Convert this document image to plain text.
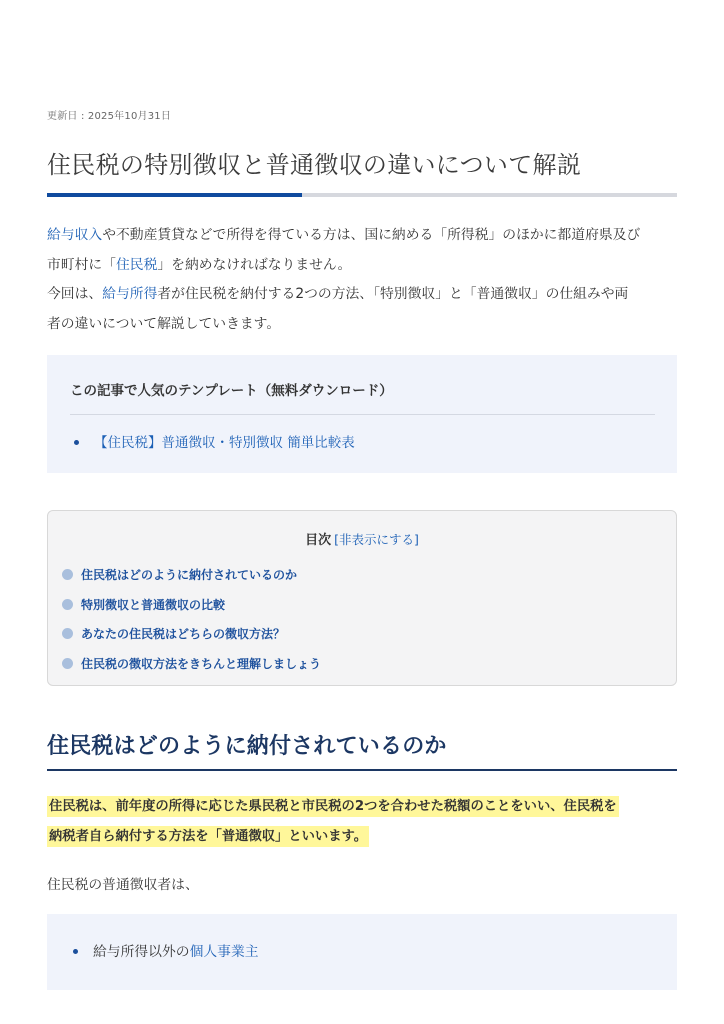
更新日 : 2025年10月31日
住民税の特別徴収と普通徴収の違いについて解説

給与収入や不動産賃貸などで所得を得ている方は、国に納める「所得税」のほかに都道府県及び

市町村に「住民税」を納めなければなりません。

今回は、給与所得者が住民税を納付する2つの方法、「特別徴収」と「普通徴収」の仕組みや両

者の違いについて解説していきます。

この記事で人気のテンプレート（無料ダウンロード）

【住民税】普通徴収・特別徴収 簡単比較表
目次 [非表示にする]
住民税はどのように納付されているのか
特別徴収と普通徴収の比較
あなたの住民税はどちらの徴収方法？
住民税の徴収方法をきちんと理解しましょう
住民税はどのように納付されているのか

住民税は、前年度の所得に応じた県民税と市民税の2つを合わせた税額のことをいい、住民税を

納税者自ら納付する方法を「普通徴収」といいます。

住民税の普通徴収者は、

給与所得以外の個人事業主
